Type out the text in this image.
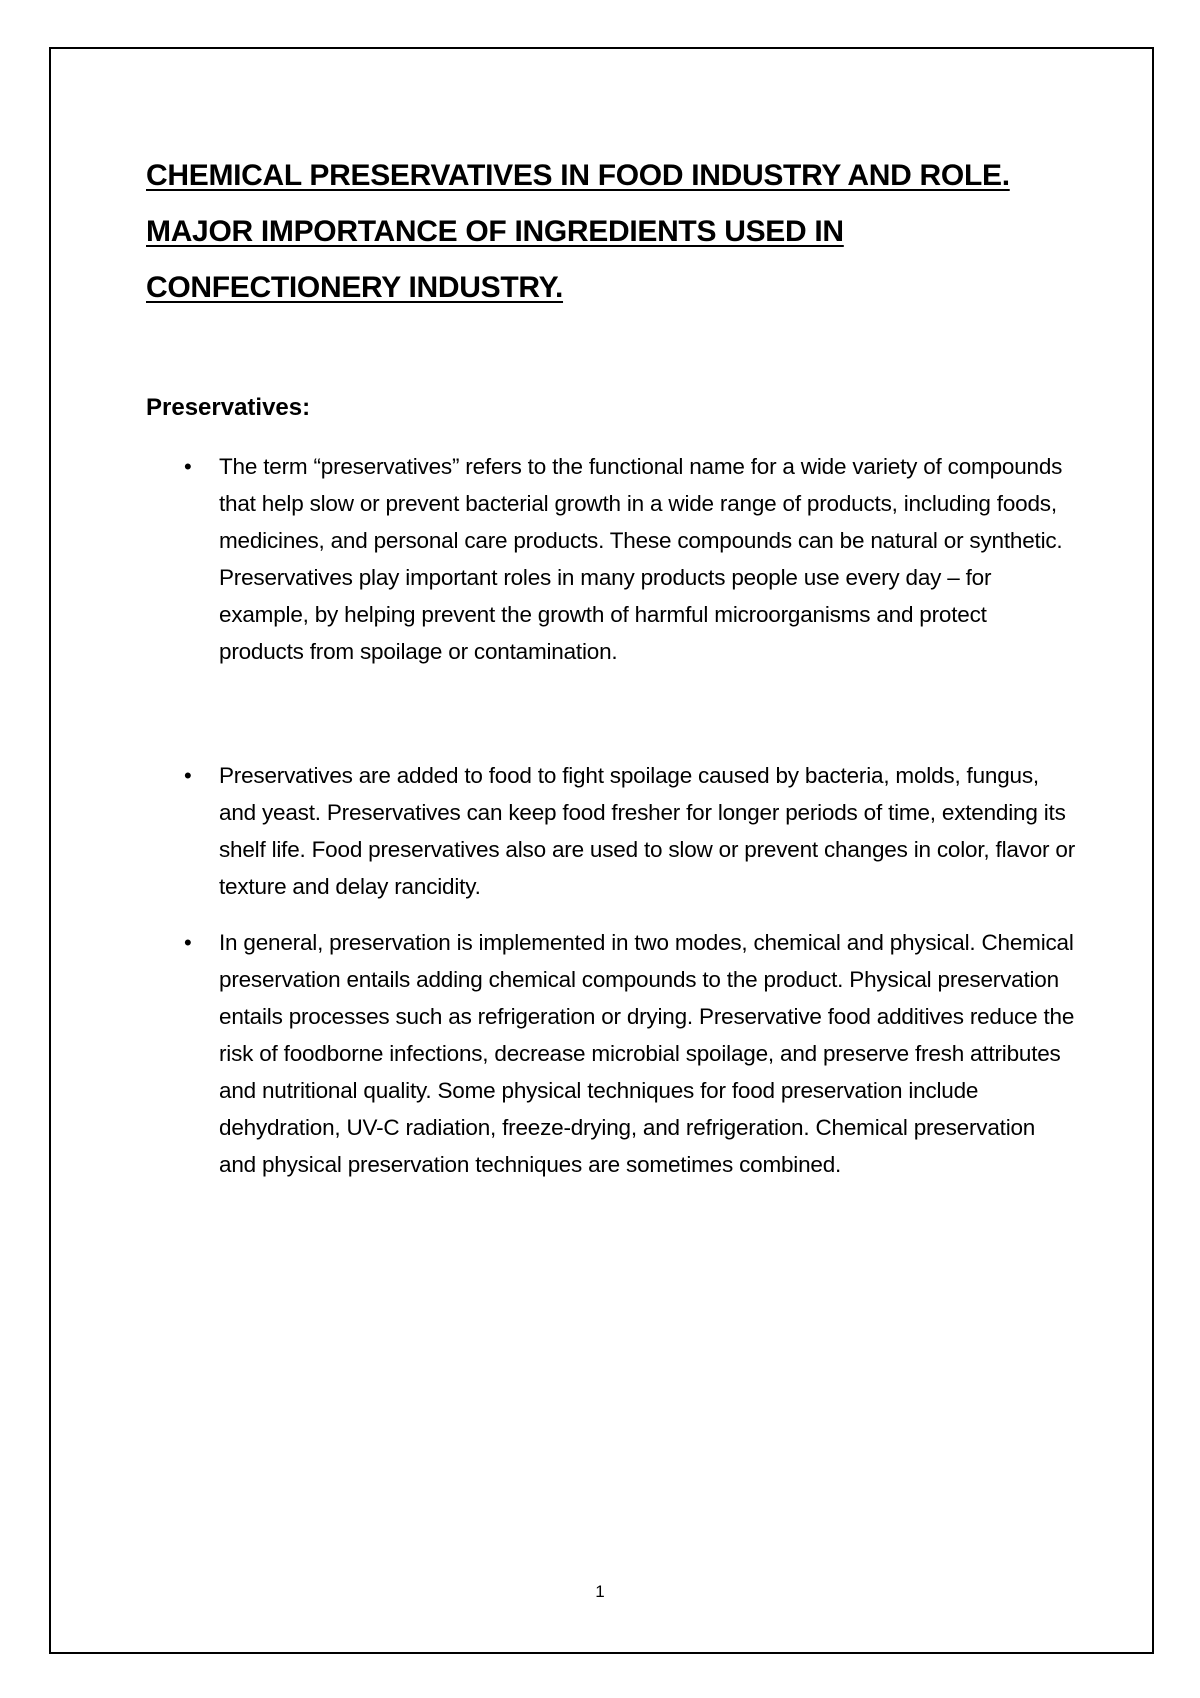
CHEMICAL PRESERVATIVES IN FOOD INDUSTRY AND ROLE. MAJOR IMPORTANCE OF INGREDIENTS USED IN CONFECTIONERY INDUSTRY.
Preservatives:
• The term “preservatives” refers to the functional name for a wide variety of compounds that help slow or prevent bacterial growth in a wide range of products, including foods, medicines, and personal care products. These compounds can be natural or synthetic. Preservatives play important roles in many products people use every day – for example, by helping prevent the growth of harmful microorganisms and protect products from spoilage or contamination.
• Preservatives are added to food to fight spoilage caused by bacteria, molds, fungus, and yeast. Preservatives can keep food fresher for longer periods of time, extending its shelf life. Food preservatives also are used to slow or prevent changes in color, flavor or texture and delay rancidity.
• In general, preservation is implemented in two modes, chemical and physical. Chemical preservation entails adding chemical compounds to the product. Physical preservation entails processes such as refrigeration or drying. Preservative food additives reduce the risk of foodborne infections, decrease microbial spoilage, and preserve fresh attributes and nutritional quality. Some physical techniques for food preservation include dehydration, UV-C radiation, freeze-drying, and refrigeration. Chemical preservation and physical preservation techniques are sometimes combined.
1
